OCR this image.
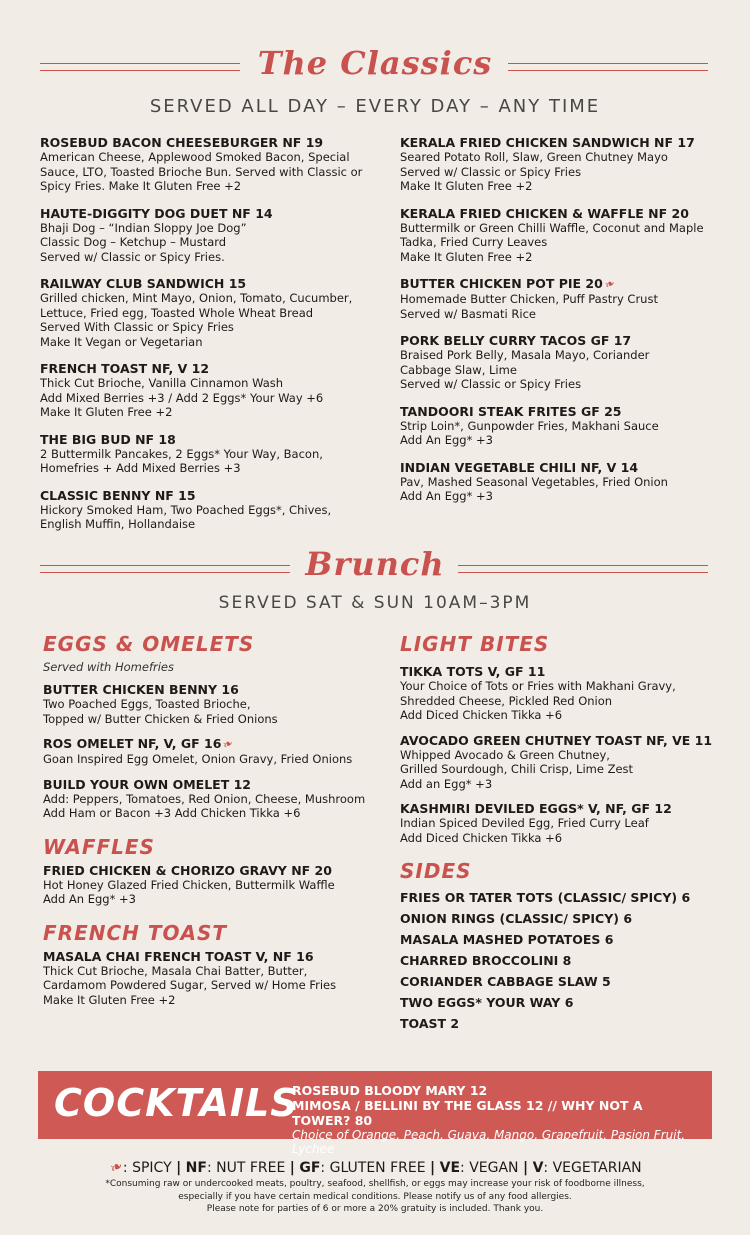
The Classics
SERVED ALL DAY – EVERY DAY – ANY TIME
ROSEBUD BACON CHEESEBURGER NF 19
American Cheese, Applewood Smoked Bacon, Special
Sauce, LTO, Toasted Brioche Bun. Served with Classic or
Spicy Fries. Make It Gluten Free +2
HAUTE-DIGGITY DOG DUET NF 14
Bhaji Dog – “Indian Sloppy Joe Dog”
Classic Dog – Ketchup – Mustard
Served w/ Classic or Spicy Fries.
RAILWAY CLUB SANDWICH 15
Grilled chicken, Mint Mayo, Onion, Tomato, Cucumber,
Lettuce, Fried egg, Toasted Whole Wheat Bread
Served With Classic or Spicy Fries
Make It Vegan or Vegetarian
FRENCH TOAST NF, V 12
Thick Cut Brioche, Vanilla Cinnamon Wash
Add Mixed Berries +3 / Add 2 Eggs* Your Way +6
Make It Gluten Free +2
THE BIG BUD NF 18
2 Buttermilk Pancakes, 2 Eggs* Your Way, Bacon,
Homefries + Add Mixed Berries +3
CLASSIC BENNY NF 15
Hickory Smoked Ham, Two Poached Eggs*, Chives,
English Muffin, Hollandaise
KERALA FRIED CHICKEN SANDWICH NF 17
Seared Potato Roll, Slaw, Green Chutney Mayo
Served w/ Classic or Spicy Fries
Make It Gluten Free +2
KERALA FRIED CHICKEN & WAFFLE NF 20
Buttermilk or Green Chilli Waffle, Coconut and Maple
Tadka, Fried Curry Leaves
Make It Gluten Free +2
BUTTER CHICKEN POT PIE 20❧
Homemade Butter Chicken, Puff Pastry Crust
Served w/ Basmati Rice
PORK BELLY CURRY TACOS GF 17
Braised Pork Belly, Masala Mayo, Coriander
Cabbage Slaw, Lime
Served w/ Classic or Spicy Fries
TANDOORI STEAK FRITES GF 25
Strip Loin*, Gunpowder Fries, Makhani Sauce
Add An Egg* +3
INDIAN VEGETABLE CHILI NF, V 14
Pav, Mashed Seasonal Vegetables, Fried Onion
Add An Egg* +3
Brunch
SERVED SAT & SUN 10AM–3PM
EGGS & OMELETS
Served with Homefries
BUTTER CHICKEN BENNY 16
Two Poached Eggs, Toasted Brioche,
Topped w/ Butter Chicken & Fried Onions
ROS OMELET NF, V, GF 16❧
Goan Inspired Egg Omelet, Onion Gravy, Fried Onions
BUILD YOUR OWN OMELET 12
Add: Peppers, Tomatoes, Red Onion, Cheese, Mushroom
Add Ham or Bacon +3 Add Chicken Tikka +6
WAFFLES
FRIED CHICKEN & CHORIZO GRAVY NF 20
Hot Honey Glazed Fried Chicken, Buttermilk Waffle
Add An Egg* +3
FRENCH TOAST
MASALA CHAI FRENCH TOAST V, NF 16
Thick Cut Brioche, Masala Chai Batter, Butter,
Cardamom Powdered Sugar, Served w/ Home Fries
Make It Gluten Free +2
LIGHT BITES
TIKKA TOTS V, GF 11
Your Choice of Tots or Fries with Makhani Gravy,
Shredded Cheese, Pickled Red Onion
Add Diced Chicken Tikka +6
AVOCADO GREEN CHUTNEY TOAST NF, VE 11
Whipped Avocado & Green Chutney,
Grilled Sourdough, Chili Crisp, Lime Zest
Add an Egg* +3
KASHMIRI DEVILED EGGS* V, NF, GF 12
Indian Spiced Deviled Egg, Fried Curry Leaf
Add Diced Chicken Tikka +6
SIDES
FRIES OR TATER TOTS (CLASSIC/ SPICY) 6
ONION RINGS (CLASSIC/ SPICY) 6
MASALA MASHED POTATOES 6
CHARRED BROCCOLINI 8
CORIANDER CABBAGE SLAW 5
TWO EGGS* YOUR WAY 6
TOAST 2
COCKTAILS
ROSEBUD BLOODY MARY 12
MIMOSA / BELLINI BY THE GLASS 12 // WHY NOT A TOWER? 80
Choice of Orange, Peach, Guava, Mango, Grapefruit, Pasion Fruit, Lychee
❧: SPICY | NF: NUT FREE | GF: GLUTEN FREE | VE: VEGAN | V: VEGETARIAN
*Consuming raw or undercooked meats, poultry, seafood, shellfish, or eggs may increase your risk of foodborne illness,
especially if you have certain medical conditions. Please notify us of any food allergies.
Please note for parties of 6 or more a 20% gratuity is included. Thank you.
